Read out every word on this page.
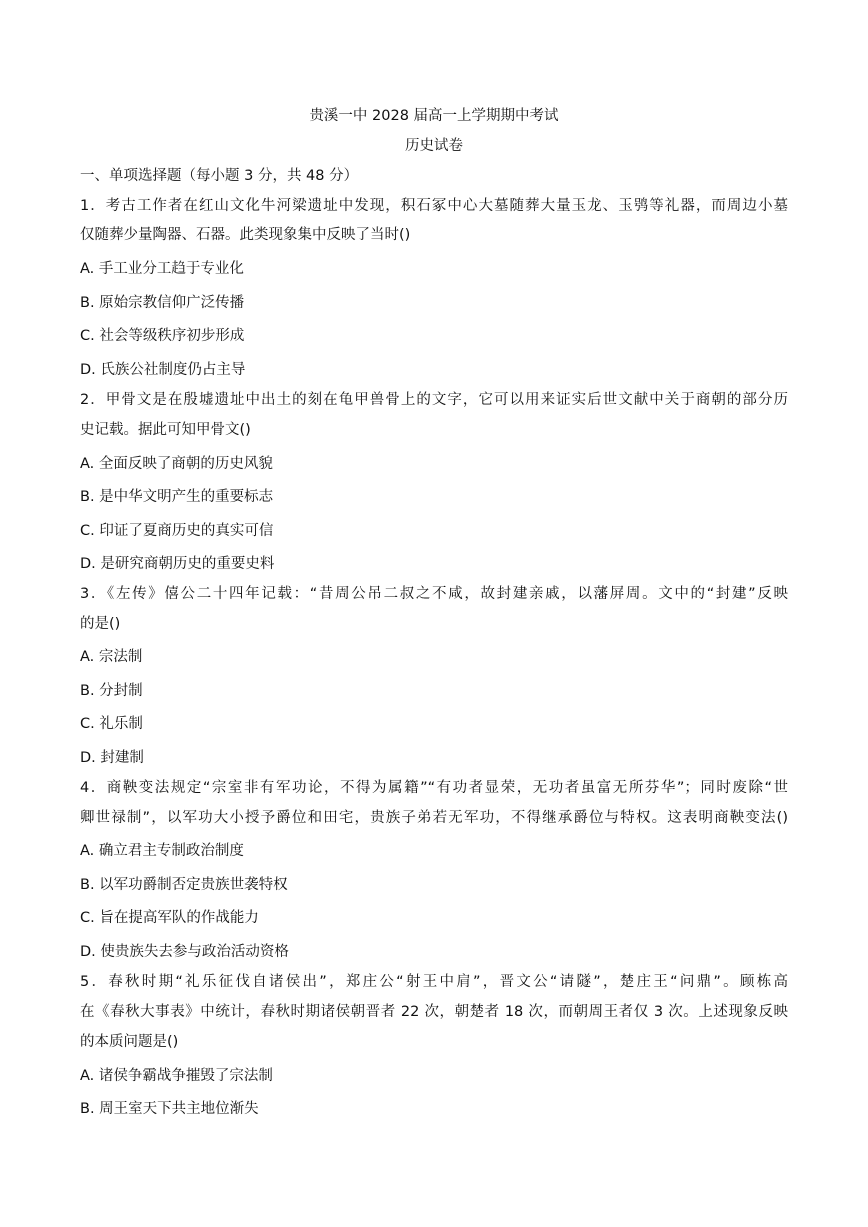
贵溪一中 2028 届高一上学期期中考试
历史试卷
一、单项选择题（每小题 3 分，共 48 分）
1．考古工作者在红山文化牛河梁遗址中发现，积石冢中心大墓随葬大量玉龙、玉鸮等礼器，而周边小墓
仅随葬少量陶器、石器。此类现象集中反映了当时()
A. 手工业分工趋于专业化
B. 原始宗教信仰广泛传播
C. 社会等级秩序初步形成
D. 氏族公社制度仍占主导
2．甲骨文是在殷墟遗址中出土的刻在龟甲兽骨上的文字，它可以用来证实后世文献中关于商朝的部分历
史记载。据此可知甲骨文()
A. 全面反映了商朝的历史风貌
B. 是中华文明产生的重要标志
C. 印证了夏商历史的真实可信
D. 是研究商朝历史的重要史料
3．《左传》僖公二十四年记载：“昔周公吊二叔之不咸，故封建亲戚，以藩屏周。文中的“封建”反映
的是()
A. 宗法制
B. 分封制
C. 礼乐制
D. 封建制
4．商鞅变法规定“宗室非有军功论，不得为属籍”“有功者显荣，无功者虽富无所芬华”；同时废除“世
卿世禄制”，以军功大小授予爵位和田宅，贵族子弟若无军功，不得继承爵位与特权。这表明商鞅变法()
A. 确立君主专制政治制度
B. 以军功爵制否定贵族世袭特权
C. 旨在提高军队的作战能力
D. 使贵族失去参与政治活动资格
5．春秋时期“礼乐征伐自诸侯出”，郑庄公“射王中肩”，晋文公“请隧”，楚庄王“问鼎”。顾栋高
在《春秋大事表》中统计，春秋时期诸侯朝晋者 22 次，朝楚者 18 次，而朝周王者仅 3 次。上述现象反映
的本质问题是()
A. 诸侯争霸战争摧毁了宗法制
B. 周王室天下共主地位渐失
